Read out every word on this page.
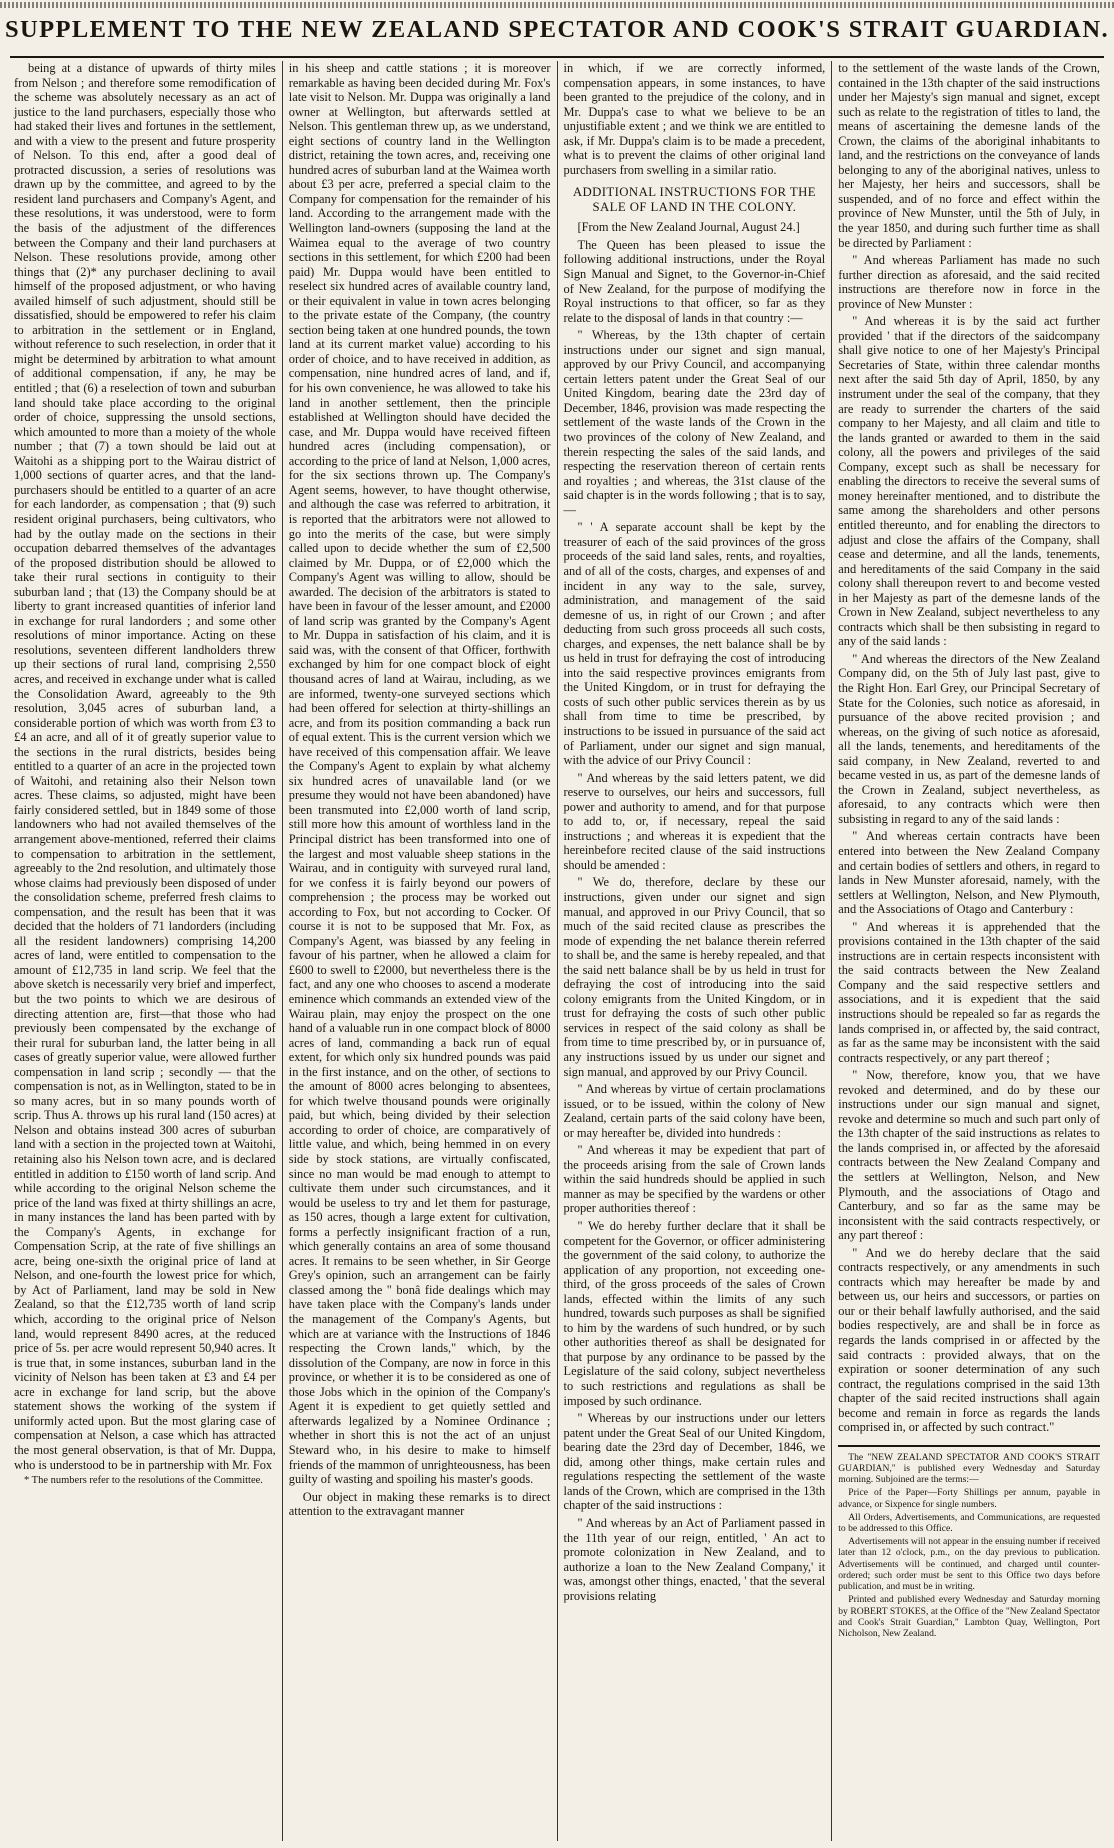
SUPPLEMENT TO THE NEW ZEALAND SPECTATOR AND COOK'S STRAIT GUARDIAN.

being at a distance of upwards of thirty miles from Nelson ; and therefore some remodification of the scheme was absolutely necessary as an act of justice to the land purchasers, especially those who had staked their lives and fortunes in the settlement, and with a view to the present and future prosperity of Nelson. To this end, after a good deal of protracted discussion, a series of resolutions was drawn up by the committee, and agreed to by the resident land purchasers and Company's Agent, and these resolutions, it was understood, were to form the basis of the adjustment of the differences between the Company and their land purchasers at Nelson. These resolutions provide, among other things that (2)* any purchaser declining to avail himself of the proposed adjustment, or who having availed himself of such adjustment, should still be dissatisfied, should be empowered to refer his claim to arbitration in the settlement or in England, without reference to such reselection, in order that it might be determined by arbitration to what amount of additional compensation, if any, he may be entitled ; that (6) a reselection of town and suburban land should take place according to the original order of choice, suppressing the unsold sections, which amounted to more than a moiety of the whole number ; that (7) a town should be laid out at Waitohi as a shipping port to the Wairau district of 1,000 sections of quarter acres, and that the land-purchasers should be entitled to a quarter of an acre for each landorder, as compensation ; that (9) such resident original purchasers, being cultivators, who had by the outlay made on the sections in their occupation debarred themselves of the advantages of the proposed distribution should be allowed to take their rural sections in contiguity to their suburban land ; that (13) the Company should be at liberty to grant increased quantities of inferior land in exchange for rural landorders ; and some other resolutions of minor importance. Acting on these resolutions, seventeen different landholders threw up their sections of rural land, comprising 2,550 acres, and received in exchange under what is called the Consolidation Award, agreeably to the 9th resolution, 3,045 acres of suburban land, a considerable portion of which was worth from £3 to £4 an acre, and all of it of greatly superior value to the sections in the rural districts, besides being entitled to a quarter of an acre in the projected town of Waitohi, and retaining also their Nelson town acres. These claims, so adjusted, might have been fairly considered settled, but in 1849 some of those landowners who had not availed themselves of the arrangement above-mentioned, referred their claims to compensation to arbitration in the settlement, agreeably to the 2nd resolution, and ultimately those whose claims had previously been disposed of under the consolidation scheme, preferred fresh claims to compensation, and the result has been that it was decided that the holders of 71 landorders (including all the resident landowners) comprising 14,200 acres of land, were entitled to compensation to the amount of £12,735 in land scrip. We feel that the above sketch is necessarily very brief and imperfect, but the two points to which we are desirous of directing attention are, first—that those who had previously been compensated by the exchange of their rural for suburban land, the latter being in all cases of greatly superior value, were allowed further compensation in land scrip ; secondly — that the compensation is not, as in Wellington, stated to be in so many acres, but in so many pounds worth of scrip. Thus A. throws up his rural land (150 acres) at Nelson and obtains instead 300 acres of suburban land with a section in the projected town at Waitohi, retaining also his Nelson town acre, and is declared entitled in addition to £150 worth of land scrip. And while according to the original Nelson scheme the price of the land was fixed at thirty shillings an acre, in many instances the land has been parted with by the Company's Agents, in exchange for Compensation Scrip, at the rate of five shillings an acre, being one-sixth the original price of land at Nelson, and one-fourth the lowest price for which, by Act of Parliament, land may be sold in New Zealand, so that the £12,735 worth of land scrip which, according to the original price of Nelson land, would represent 8490 acres, at the reduced price of 5s. per acre would represent 50,940 acres. It is true that, in some instances, suburban land in the vicinity of Nelson has been taken at £3 and £4 per acre in exchange for land scrip, but the above statement shows the working of the system if uniformly acted upon. But the most glaring case of compensation at Nelson, a case which has attracted the most general observation, is that of Mr. Duppa, who is understood to be in partnership with Mr. Fox

* The numbers refer to the resolutions of the Committee.

in his sheep and cattle stations ; it is moreover remarkable as having been decided during Mr. Fox's late visit to Nelson. Mr. Duppa was originally a land owner at Wellington, but afterwards settled at Nelson. This gentleman threw up, as we understand, eight sections of country land in the Wellington district, retaining the town acres, and, receiving one hundred acres of suburban land at the Waimea worth about £3 per acre, preferred a special claim to the Company for compensation for the remainder of his land. According to the arrangement made with the Wellington land-owners (supposing the land at the Waimea equal to the average of two country sections in this settlement, for which £200 had been paid) Mr. Duppa would have been entitled to reselect six hundred acres of available country land, or their equivalent in value in town acres belonging to the private estate of the Company, (the country section being taken at one hundred pounds, the town land at its current market value) according to his order of choice, and to have received in addition, as compensation, nine hundred acres of land, and if, for his own convenience, he was allowed to take his land in another settlement, then the principle established at Wellington should have decided the case, and Mr. Duppa would have received fifteen hundred acres (including compensation), or according to the price of land at Nelson, 1,000 acres, for the six sections thrown up. The Company's Agent seems, however, to have thought otherwise, and although the case was referred to arbitration, it is reported that the arbitrators were not allowed to go into the merits of the case, but were simply called upon to decide whether the sum of £2,500 claimed by Mr. Duppa, or of £2,000 which the Company's Agent was willing to allow, should be awarded. The decision of the arbitrators is stated to have been in favour of the lesser amount, and £2000 of land scrip was granted by the Company's Agent to Mr. Duppa in satisfaction of his claim, and it is said was, with the consent of that Officer, forthwith exchanged by him for one compact block of eight thousand acres of land at Wairau, including, as we are informed, twenty-one surveyed sections which had been offered for selection at thirty-shillings an acre, and from its position commanding a back run of equal extent. This is the current version which we have received of this compensation affair. We leave the Company's Agent to explain by what alchemy six hundred acres of unavailable land (or we presume they would not have been abandoned) have been transmuted into £2,000 worth of land scrip, still more how this amount of worthless land in the Principal district has been transformed into one of the largest and most valuable sheep stations in the Wairau, and in contiguity with surveyed rural land, for we confess it is fairly beyond our powers of comprehension ; the process may be worked out according to Fox, but not according to Cocker. Of course it is not to be supposed that Mr. Fox, as Company's Agent, was biassed by any feeling in favour of his partner, when he allowed a claim for £600 to swell to £2000, but nevertheless there is the fact, and any one who chooses to ascend a moderate eminence which commands an extended view of the Wairau plain, may enjoy the prospect on the one hand of a valuable run in one compact block of 8000 acres of land, commanding a back run of equal extent, for which only six hundred pounds was paid in the first instance, and on the other, of sections to the amount of 8000 acres belonging to absentees, for which twelve thousand pounds were originally paid, but which, being divided by their selection according to order of choice, are comparatively of little value, and which, being hemmed in on every side by stock stations, are virtually confiscated, since no man would be mad enough to attempt to cultivate them under such circumstances, and it would be useless to try and let them for pasturage, as 150 acres, though a large extent for cultivation, forms a perfectly insignificant fraction of a run, which generally contains an area of some thousand acres. It remains to be seen whether, in Sir George Grey's opinion, such an arrangement can be fairly classed among the " bonâ fide dealings which may have taken place with the Company's lands under the management of the Company's Agents, but which are at variance with the Instructions of 1846 respecting the Crown lands," which, by the dissolution of the Company, are now in force in this province, or whether it is to be considered as one of those Jobs which in the opinion of the Company's Agent it is expedient to get quietly settled and afterwards legalized by a Nominee Ordinance ; whether in short this is not the act of an unjust Steward who, in his desire to make to himself friends of the mammon of unrighteousness, has been guilty of wasting and spoiling his master's goods.

Our object in making these remarks is to direct attention to the extravagant manner

in which, if we are correctly informed, compensation appears, in some instances, to have been granted to the prejudice of the colony, and in Mr. Duppa's case to what we believe to be an unjustifiable extent ; and we think we are entitled to ask, if Mr. Duppa's claim is to be made a precedent, what is to prevent the claims of other original land purchasers from swelling in a similar ratio.

ADDITIONAL INSTRUCTIONS FOR THE SALE OF LAND IN THE COLONY.

[From the New Zealand Journal, August 24.]

The Queen has been pleased to issue the following additional instructions, under the Royal Sign Manual and Signet, to the Governor-in-Chief of New Zealand, for the purpose of modifying the Royal instructions to that officer, so far as they relate to the disposal of lands in that country :—

" Whereas, by the 13th chapter of certain instructions under our signet and sign manual, approved by our Privy Council, and accompanying certain letters patent under the Great Seal of our United Kingdom, bearing date the 23rd day of December, 1846, provision was made respecting the settlement of the waste lands of the Crown in the two provinces of the colony of New Zealand, and therein respecting the sales of the said lands, and respecting the reservation thereon of certain rents and royalties ; and whereas, the 31st clause of the said chapter is in the words following ; that is to say,—

" ' A separate account shall be kept by the treasurer of each of the said provinces of the gross proceeds of the said land sales, rents, and royalties, and of all of the costs, charges, and expenses of and incident in any way to the sale, survey, administration, and management of the said demesne of us, in right of our Crown ; and after deducting from such gross proceeds all such costs, charges, and expenses, the nett balance shall be by us held in trust for defraying the cost of introducing into the said respective provinces emigrants from the United Kingdom, or in trust for defraying the costs of such other public services therein as by us shall from time to time be prescribed, by instructions to be issued in pursuance of the said act of Parliament, under our signet and sign manual, with the advice of our Privy Council :

" And whereas by the said letters patent, we did reserve to ourselves, our heirs and successors, full power and authority to amend, and for that purpose to add to, or, if necessary, repeal the said instructions ; and whereas it is expedient that the hereinbefore recited clause of the said instructions should be amended :

" We do, therefore, declare by these our instructions, given under our signet and sign manual, and approved in our Privy Council, that so much of the said recited clause as prescribes the mode of expending the net balance therein referred to shall be, and the same is hereby repealed, and that the said nett balance shall be by us held in trust for defraying the cost of introducing into the said colony emigrants from the United Kingdom, or in trust for defraying the costs of such other public services in respect of the said colony as shall be from time to time prescribed by, or in pursuance of, any instructions issued by us under our signet and sign manual, and approved by our Privy Council.

" And whereas by virtue of certain proclamations issued, or to be issued, within the colony of New Zealand, certain parts of the said colony have been, or may hereafter be, divided into hundreds :

" And whereas it may be expedient that part of the proceeds arising from the sale of Crown lands within the said hundreds should be applied in such manner as may be specified by the wardens or other proper authorities thereof :

" We do hereby further declare that it shall be competent for the Governor, or officer administering the government of the said colony, to authorize the application of any proportion, not exceeding one-third, of the gross proceeds of the sales of Crown lands, effected within the limits of any such hundred, towards such purposes as shall be signified to him by the wardens of such hundred, or by such other authorities thereof as shall be designated for that purpose by any ordinance to be passed by the Legislature of the said colony, subject nevertheless to such restrictions and regulations as shall be imposed by such ordinance.

" Whereas by our instructions under our letters patent under the Great Seal of our United Kingdom, bearing date the 23rd day of December, 1846, we did, among other things, make certain rules and regulations respecting the settlement of the waste lands of the Crown, which are comprised in the 13th chapter of the said instructions :

" And whereas by an Act of Parliament passed in the 11th year of our reign, entitled, ' An act to promote colonization in New Zealand, and to authorize a loan to the New Zealand Company,' it was, amongst other things, enacted, ' that the several provisions relating

to the settlement of the waste lands of the Crown, contained in the 13th chapter of the said instructions under her Majesty's sign manual and signet, except such as relate to the registration of titles to land, the means of ascertaining the demesne lands of the Crown, the claims of the aboriginal inhabitants to land, and the restrictions on the conveyance of lands belonging to any of the aboriginal natives, unless to her Majesty, her heirs and successors, shall be suspended, and of no force and effect within the province of New Munster, until the 5th of July, in the year 1850, and during such further time as shall be directed by Parliament :

" And whereas Parliament has made no such further direction as aforesaid, and the said recited instructions are therefore now in force in the province of New Munster :

" And whereas it is by the said act further provided ' that if the directors of the saidcompany shall give notice to one of her Majesty's Principal Secretaries of State, within three calendar months next after the said 5th day of April, 1850, by any instrument under the seal of the company, that they are ready to surrender the charters of the said company to her Majesty, and all claim and title to the lands granted or awarded to them in the said colony, all the powers and privileges of the said Company, except such as shall be necessary for enabling the directors to receive the several sums of money hereinafter mentioned, and to distribute the same among the shareholders and other persons entitled thereunto, and for enabling the directors to adjust and close the affairs of the Company, shall cease and determine, and all the lands, tenements, and hereditaments of the said Company in the said colony shall thereupon revert to and become vested in her Majesty as part of the demesne lands of the Crown in New Zealand, subject nevertheless to any contracts which shall be then subsisting in regard to any of the said lands :

" And whereas the directors of the New Zealand Company did, on the 5th of July last past, give to the Right Hon. Earl Grey, our Principal Secretary of State for the Colonies, such notice as aforesaid, in pursuance of the above recited provision ; and whereas, on the giving of such notice as aforesaid, all the lands, tenements, and hereditaments of the said company, in New Zealand, reverted to and became vested in us, as part of the demesne lands of the Crown in Zealand, subject nevertheless, as aforesaid, to any contracts which were then subsisting in regard to any of the said lands :

" And whereas certain contracts have been entered into between the New Zealand Company and certain bodies of settlers and others, in regard to lands in New Munster aforesaid, namely, with the settlers at Wellington, Nelson, and New Plymouth, and the Associations of Otago and Canterbury :

" And whereas it is apprehended that the provisions contained in the 13th chapter of the said instructions are in certain respects inconsistent with the said contracts between the New Zealand Company and the said respective settlers and associations, and it is expedient that the said instructions should be repealed so far as regards the lands comprised in, or affected by, the said contract, as far as the same may be inconsistent with the said contracts respectively, or any part thereof ;

" Now, therefore, know you, that we have revoked and determined, and do by these our instructions under our sign manual and signet, revoke and determine so much and such part only of the 13th chapter of the said instructions as relates to the lands comprised in, or affected by the aforesaid contracts between the New Zealand Company and the settlers at Wellington, Nelson, and New Plymouth, and the associations of Otago and Canterbury, and so far as the same may be inconsistent with the said contracts respectively, or any part thereof :

" And we do hereby declare that the said contracts respectively, or any amendments in such contracts which may hereafter be made by and between us, our heirs and successors, or parties on our or their behalf lawfully authorised, and the said bodies respectively, are and shall be in force as regards the lands comprised in or affected by the said contracts : provided always, that on the expiration or sooner determination of any such contract, the regulations comprised in the said 13th chapter of the said recited instructions shall again become and remain in force as regards the lands comprised in, or affected by such contract."

The "NEW ZEALAND SPECTATOR AND COOK'S STRAIT GUARDIAN," is published every Wednesday and Saturday morning. Subjoined are the terms:—

Price of the Paper—Forty Shillings per annum, payable in advance, or Sixpence for single numbers.

All Orders, Advertisements, and Communications, are requested to be addressed to this Office.

Advertisements will not appear in the ensuing number if received later than 12 o'clock, p.m., on the day previous to publication. Advertisements will be continued, and charged until counter-ordered; such order must be sent to this Office two days before publication, and must be in writing.

Printed and published every Wednesday and Saturday morning by ROBERT STOKES, at the Office of the "New Zealand Spectator and Cook's Strait Guardian," Lambton Quay, Wellington, Port Nicholson, New Zealand.
